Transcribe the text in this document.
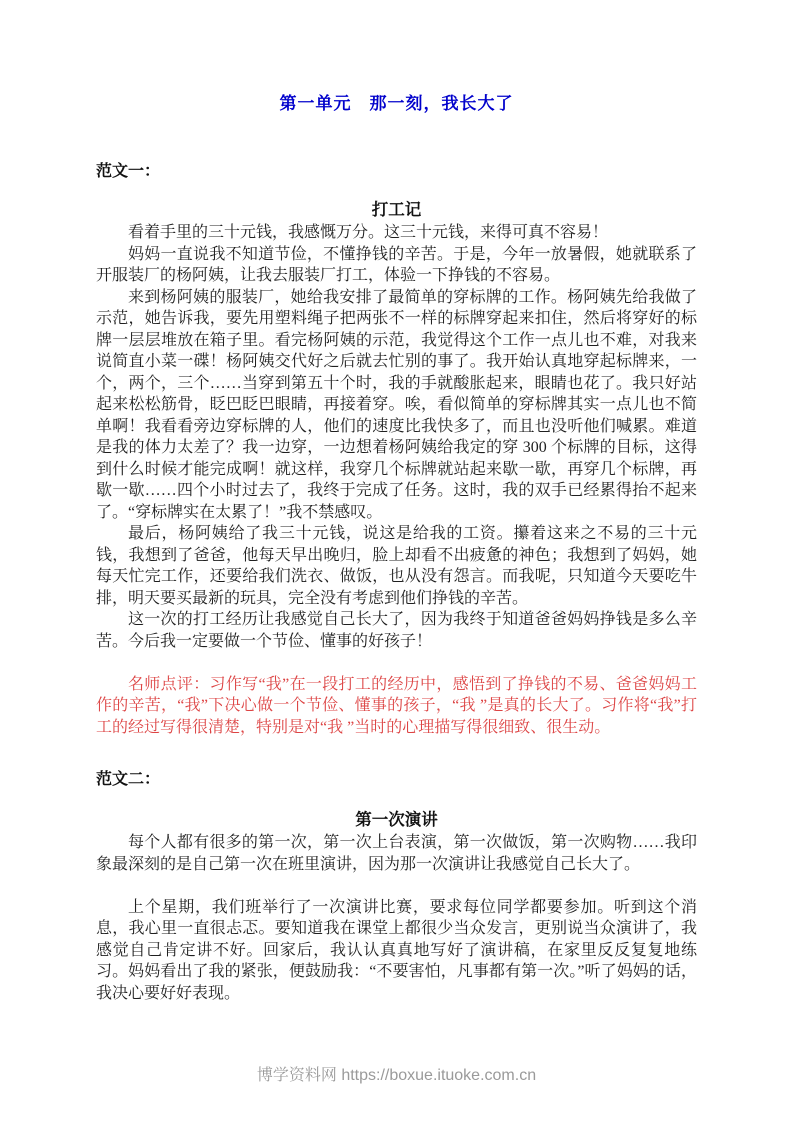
第一单元　那一刻，我长大了
范文一：
打工记

看着手里的三十元钱，我感慨万分。这三十元钱，来得可真不容易！

妈妈一直说我不知道节俭，不懂挣钱的辛苦。于是，今年一放暑假，她就联系了开服装厂的杨阿姨，让我去服装厂打工，体验一下挣钱的不容易。

来到杨阿姨的服装厂，她给我安排了最简单的穿标牌的工作。杨阿姨先给我做了示范，她告诉我，要先用塑料绳子把两张不一样的标牌穿起来扣住，然后将穿好的标牌一层层堆放在箱子里。看完杨阿姨的示范，我觉得这个工作一点儿也不难，对我来说简直小菜一碟！杨阿姨交代好之后就去忙别的事了。我开始认真地穿起标牌来，一个，两个，三个……当穿到第五十个时，我的手就酸胀起来，眼睛也花了。我只好站起来松松筋骨，眨巴眨巴眼睛，再接着穿。唉，看似简单的穿标牌其实一点儿也不简单啊！我看看旁边穿标牌的人，他们的速度比我快多了，而且也没听他们喊累。难道是我的体力太差了？我一边穿，一边想着杨阿姨给我定的穿 300 个标牌的目标，这得到什么时候才能完成啊！就这样，我穿几个标牌就站起来歇一歇，再穿几个标牌，再歇一歇……四个小时过去了，我终于完成了任务。这时，我的双手已经累得抬不起来了。“穿标牌实在太累了！”我不禁感叹。

最后，杨阿姨给了我三十元钱，说这是给我的工资。攥着这来之不易的三十元钱，我想到了爸爸，他每天早出晚归，脸上却看不出疲惫的神色；我想到了妈妈，她每天忙完工作，还要给我们洗衣、做饭，也从没有怨言。而我呢，只知道今天要吃牛排，明天要买最新的玩具，完全没有考虑到他们挣钱的辛苦。

这一次的打工经历让我感觉自己长大了，因为我终于知道爸爸妈妈挣钱是多么辛苦。今后我一定要做一个节俭、懂事的好孩子！

名师点评：习作写“我”在一段打工的经历中，感悟到了挣钱的不易、爸爸妈妈工作的辛苦，“我”下决心做一个节俭、懂事的孩子，“我 ”是真的长大了。习作将“我”打工的经过写得很清楚，特别是对“我 ”当时的心理描写得很细致、很生动。

范文二：
第一次演讲

每个人都有很多的第一次，第一次上台表演，第一次做饭，第一次购物……我印象最深刻的是自己第一次在班里演讲，因为那一次演讲让我感觉自己长大了。

上个星期，我们班举行了一次演讲比赛，要求每位同学都要参加。听到这个消息，我心里一直很忐忑。要知道我在课堂上都很少当众发言，更别说当众演讲了，我感觉自己肯定讲不好。回家后，我认认真真地写好了演讲稿，在家里反反复复地练习。妈妈看出了我的紧张，便鼓励我：“不要害怕，凡事都有第一次。”听了妈妈的话，我决心要好好表现。

博学资料网 https://boxue.ituoke.com.cn
